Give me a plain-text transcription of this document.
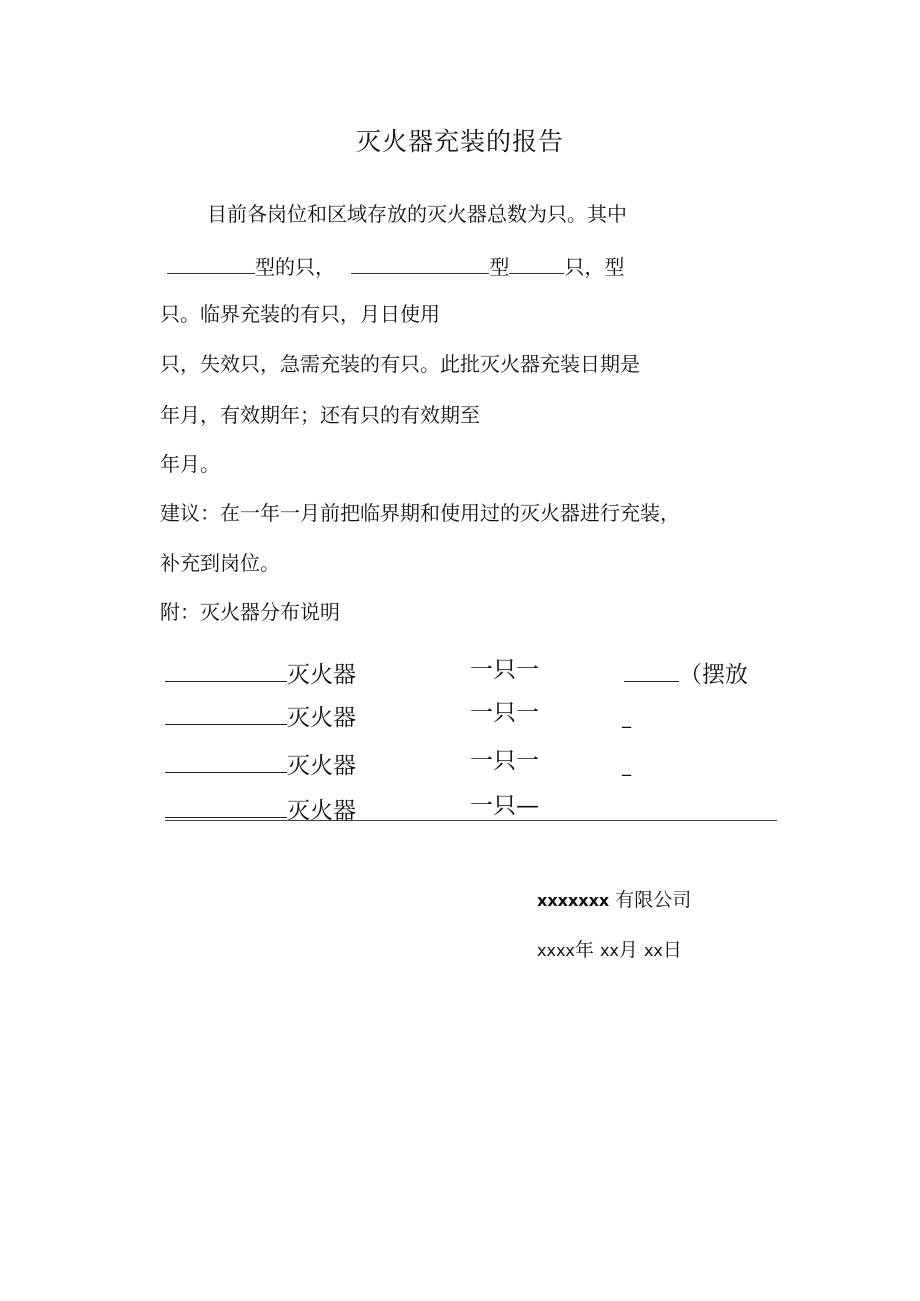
灭火器充装的报告
目前各岗位和区域存放的灭火器总数为只。其中
型的只，	型	只，型
只。临界充装的有只，月日使用
只，失效只，急需充装的有只。此批灭火器充装日期是
年月，有效期年；还有只的有效期至
年月。
建议：在一年一月前把临界期和使用过的灭火器进行充装，
补充到岗位。
附：灭火器分布说明
灭火器	一只一	（摆放
灭火器	一只一	_
灭火器	一只一	_
灭火器	一只—
xxxxxxx 有限公司
xxxx年 xx月 xx日
